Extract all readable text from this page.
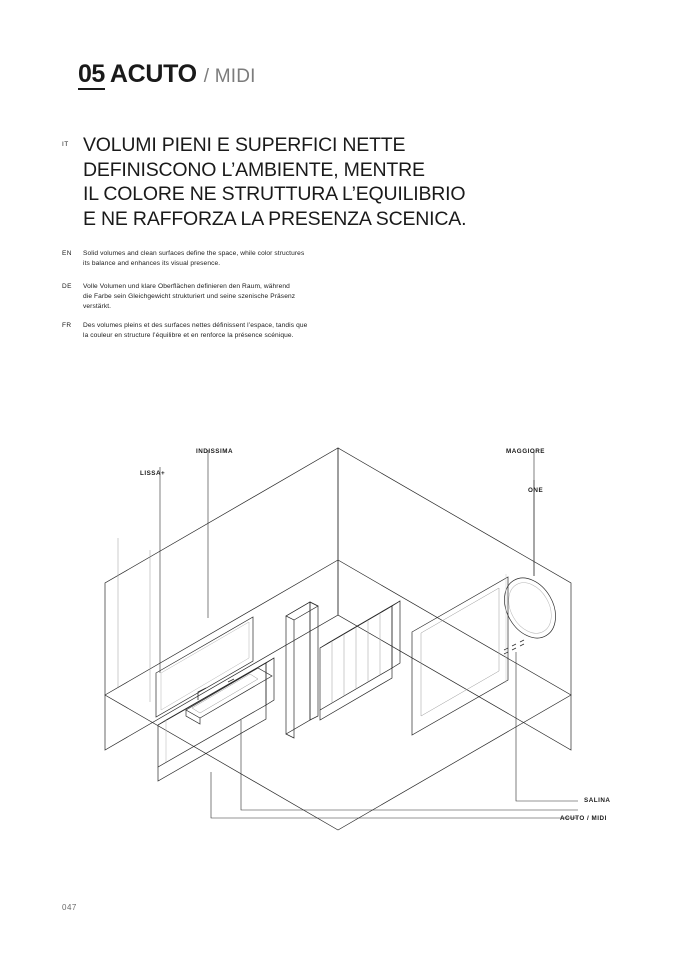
05 ACUTO / MIDI
IT VOLUMI PIENI E SUPERFICI NETTE
DEFINISCONO L’AMBIENTE, MENTRE
IL COLORE NE STRUTTURA L’EQUILIBRIO
E NE RAFFORZA LA PRESENZA SCENICA.
EN Solid volumes and clean surfaces define the space, while color structures
its balance and enhances its visual presence.
DE Volle Volumen und klare Oberflächen definieren den Raum, während
die Farbe sein Gleichgewicht strukturiert und seine szenische Präsenz
verstärkt.
FR Des volumes pleins et des surfaces nettes définissent l’espace, tandis que
la couleur en structure l’équilibre et en renforce la présence scénique.
INDISSIMA
LISSA+
MAGGIORE
ONE
SALINA
ACUTO / MIDI
047
